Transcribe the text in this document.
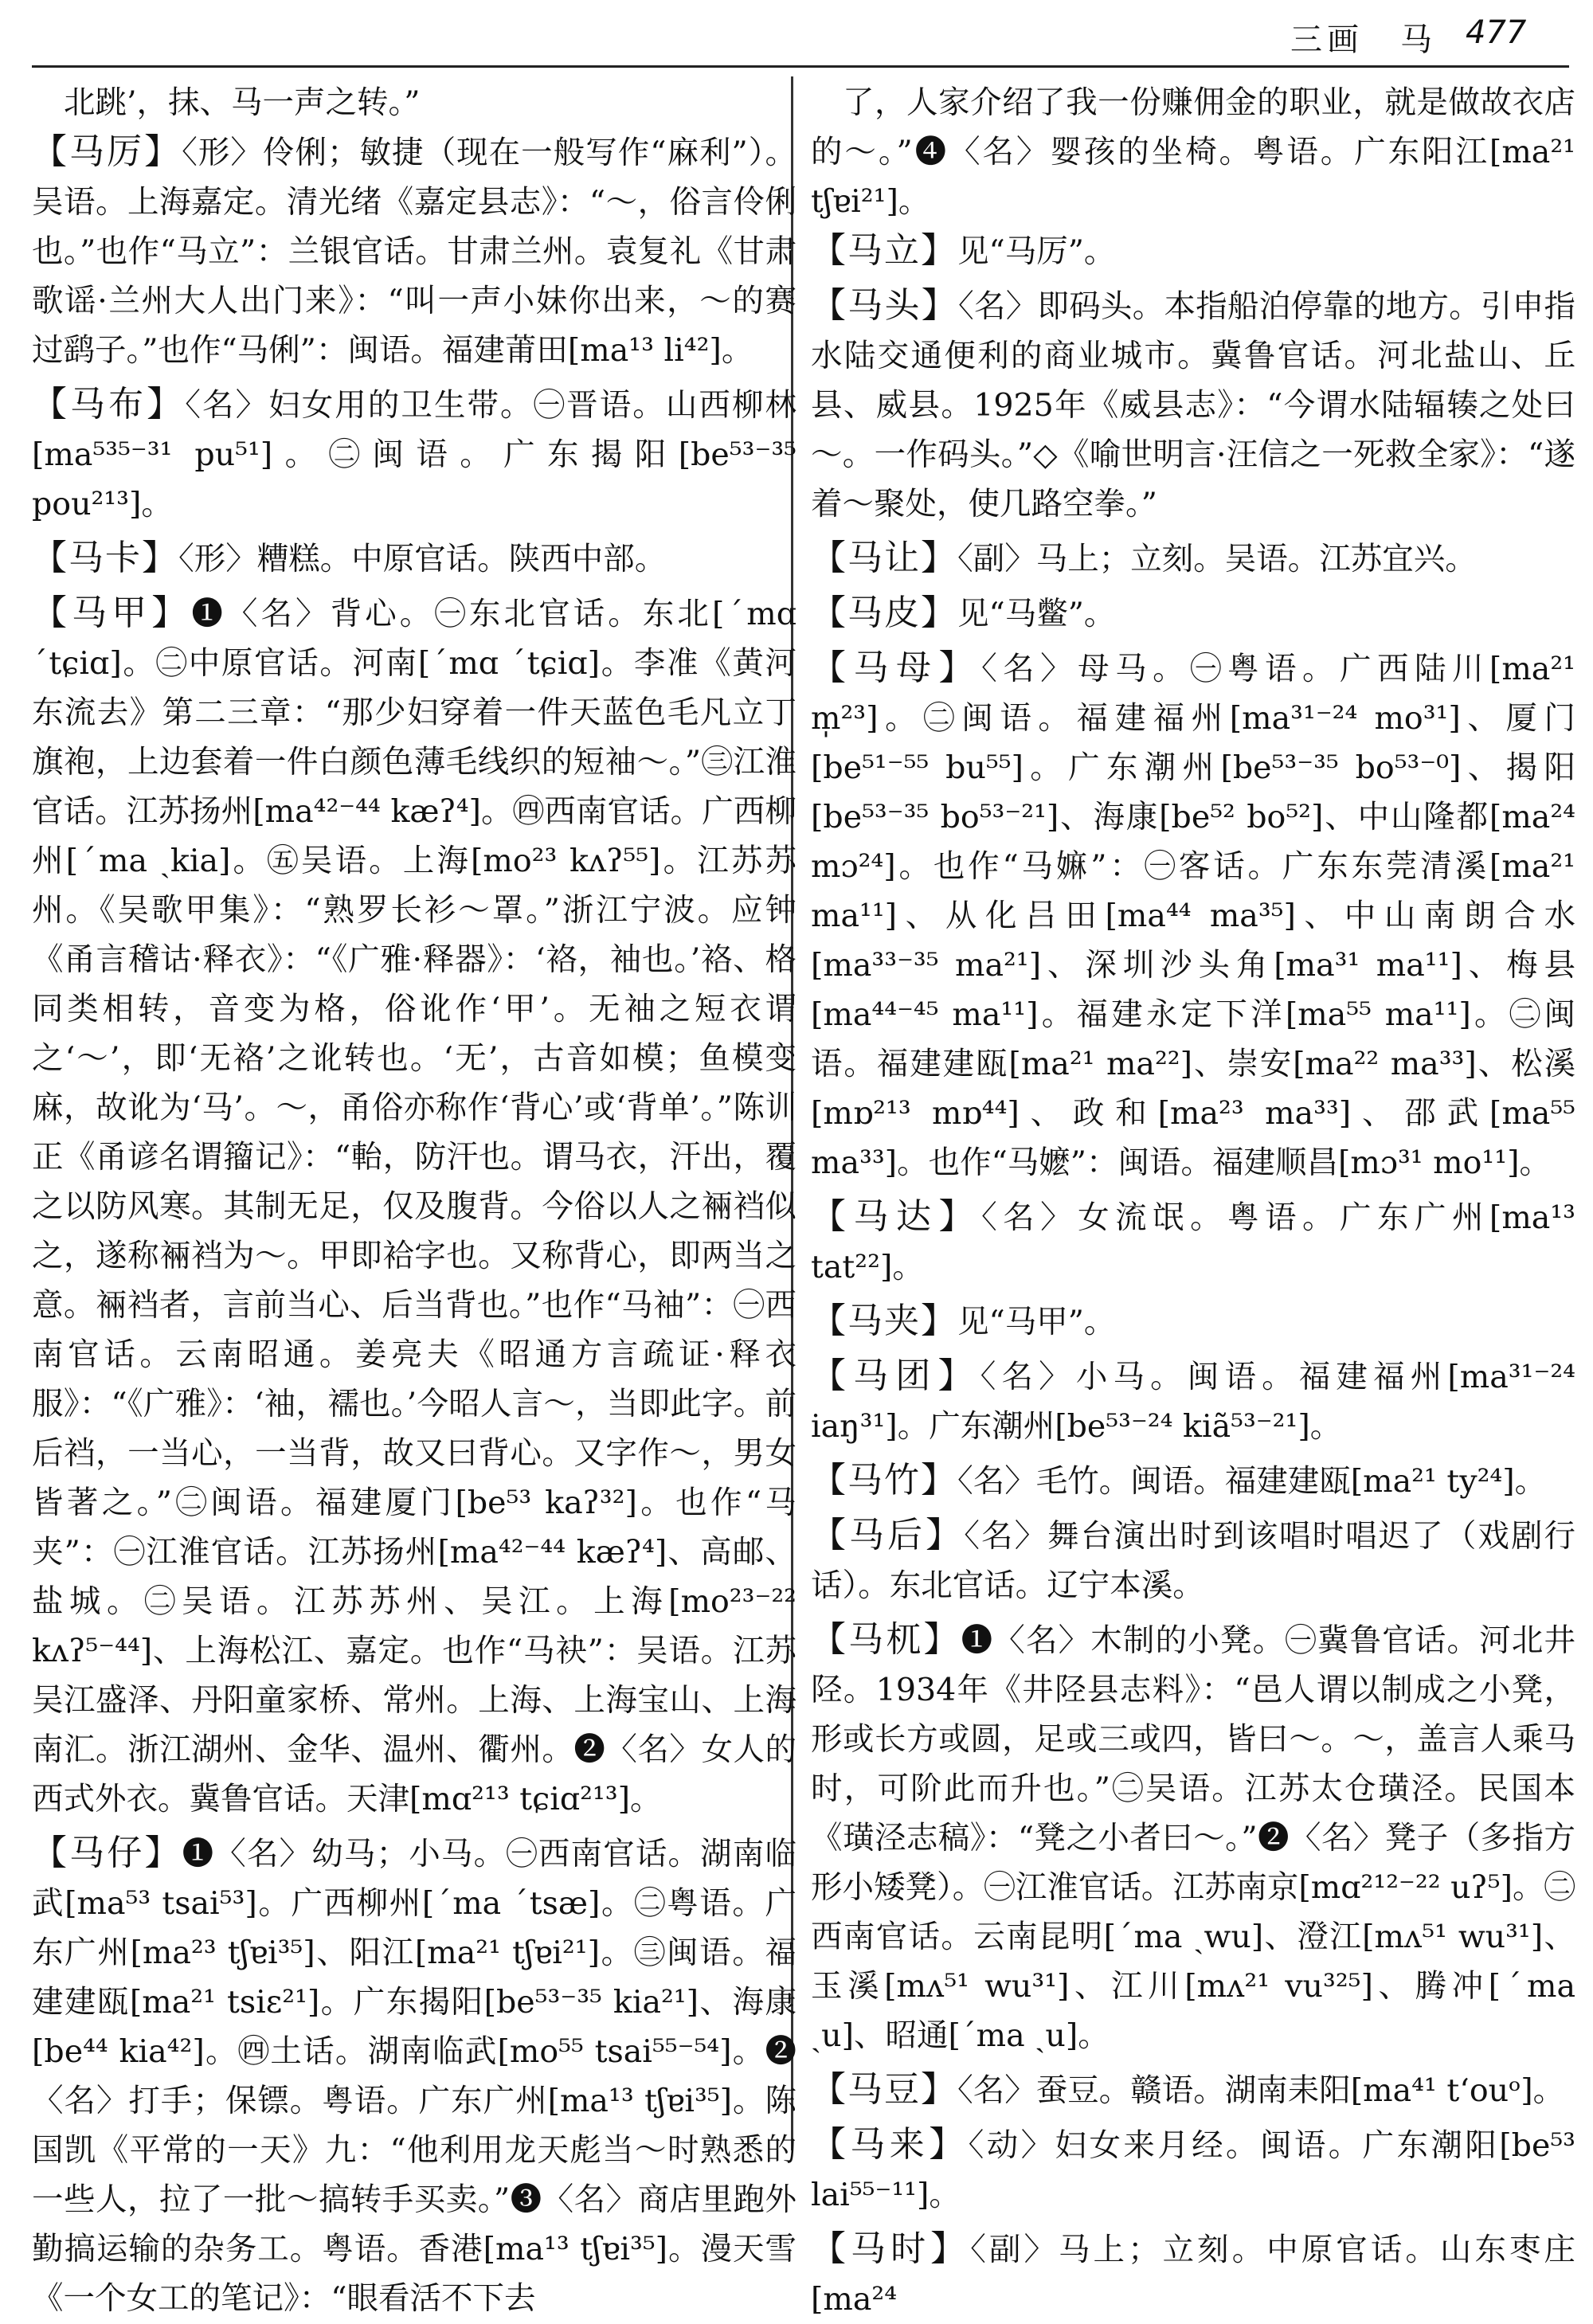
三画　马 477

北跳’，抹、马一声之转。”

【马厉】〈形〉伶俐；敏捷（现在一般写作“麻利”）。吴语。上海嘉定。清光绪《嘉定县志》：“～，俗言伶俐也。”也作“马立”：兰银官话。甘肃兰州。袁复礼《甘肃歌谣·兰州大人出门来》：“叫一声小妹你出来，～的赛过鹞子。”也作“马俐”：闽语。福建莆田[ma¹³ li⁴²]。

【马布】〈名〉妇女用的卫生带。㊀晋语。山西柳林[ma⁵³⁵⁻³¹ pu⁵¹]。㊁闽语。广东揭阳[be⁵³⁻³⁵ pou²¹³]。

【马卡】〈形〉糟糕。中原官话。陕西中部。

【马甲】❶〈名〉背心。㊀东北官话。东北[ˊmɑ ˊtɕiɑ]。㊁中原官话。河南[ˊmɑ ˊtɕiɑ]。李准《黄河东流去》第二三章：“那少妇穿着一件天蓝色毛凡立丁旗袍，上边套着一件白颜色薄毛线织的短袖～。”㊂江淮官话。江苏扬州[ma⁴²⁻⁴⁴ kæʔ⁴]。㊃西南官话。广西柳州[ˊma ˎkia]。㊄吴语。上海[mo²³ kʌʔ⁵⁵]。江苏苏州。《吴歌甲集》：“熟罗长衫～罩。”浙江宁波。应钟《甬言稽诂·释衣》：“《广雅·释器》：‘袼，袖也。’袼、格同类相转，音变为格，俗讹作‘甲’。无袖之短衣谓之‘～’，即‘无袼’之讹转也。‘无’，古音如模；鱼模变麻，故讹为‘马’。～，甬俗亦称作‘背心’或‘背单’。”陈训正《甬谚名谓籀记》：“軩，防汗也。谓马衣，汗出，覆之以防风寒。其制无足，仅及腹背。今俗以人之裲裆似之，遂称裲裆为～。甲即袷字也。又称背心，即两当之意。裲裆者，言前当心、后当背也。”也作“马袖”：㊀西南官话。云南昭通。姜亮夫《昭通方言疏证·释衣服》：“《广雅》：‘袖，襦也。’今昭人言～，当即此字。前后裆，一当心，一当背，故又曰背心。又字作～，男女皆著之。”㊁闽语。福建厦门[be⁵³ kaʔ³²]。也作“马夹”：㊀江淮官话。江苏扬州[ma⁴²⁻⁴⁴ kæʔ⁴]、高邮、盐城。㊁吴语。江苏苏州、吴江。上海[mo²³⁻²² kʌʔ⁵⁻⁴⁴]、上海松江、嘉定。也作“马袂”：吴语。江苏吴江盛泽、丹阳童家桥、常州。上海、上海宝山、上海南汇。浙江湖州、金华、温州、衢州。❷〈名〉女人的西式外衣。冀鲁官话。天津[mɑ²¹³ tɕiɑ²¹³]。

【马仔】❶〈名〉幼马；小马。㊀西南官话。湖南临武[ma⁵³ tsai⁵³]。广西柳州[ˊma ˊtsæ]。㊁粤语。广东广州[ma²³ tʃɐi³⁵]、阳江[ma²¹ tʃɐi²¹]。㊂闽语。福建建瓯[ma²¹ tsiɛ²¹]。广东揭阳[be⁵³⁻³⁵ kia²¹]、海康[be⁴⁴ kia⁴²]。㊃土话。湖南临武[mo⁵⁵ tsai⁵⁵⁻⁵⁴]。❷〈名〉打手；保镖。粤语。广东广州[ma¹³ tʃɐi³⁵]。陈国凯《平常的一天》九：“他利用龙天彪当～时熟悉的一些人，拉了一批～搞转手买卖。”❸〈名〉商店里跑外勤搞运输的杂务工。粤语。香港[ma¹³ tʃɐi³⁵]。漫天雪《一个女工的笔记》：“眼看活不下去

了，人家介绍了我一份赚佣金的职业，就是做故衣店的～。”❹〈名〉婴孩的坐椅。粤语。广东阳江[ma²¹ tʃɐi²¹]。

【马立】见“马厉”。

【马头】〈名〉即码头。本指船泊停靠的地方。引申指水陆交通便利的商业城市。冀鲁官话。河北盐山、丘县、威县。1925年《威县志》：“今谓水陆辐辏之处曰～。一作码头。”◇《喻世明言·汪信之一死救全家》：“遂着～聚处，使几路空拳。”

【马让】〈副〉马上；立刻。吴语。江苏宜兴。

【马皮】见“马鳖”。

【马母】〈名〉母马。㊀粤语。广西陆川[ma²¹ m̩²³]。㊁闽语。福建福州[ma³¹⁻²⁴ mo³¹]、厦门[be⁵¹⁻⁵⁵ bu⁵⁵]。广东潮州[be⁵³⁻³⁵ bo⁵³⁻⁰]、揭阳[be⁵³⁻³⁵ bo⁵³⁻²¹]、海康[be⁵² bo⁵²]、中山隆都[ma²⁴ mɔ²⁴]。也作“马嫲”：㊀客话。广东东莞清溪[ma²¹ ma¹¹]、从化吕田[ma⁴⁴ ma³⁵]、中山南朗合水[ma³³⁻³⁵ ma²¹]、深圳沙头角[ma³¹ ma¹¹]、梅县[ma⁴⁴⁻⁴⁵ ma¹¹]。福建永定下洋[ma⁵⁵ ma¹¹]。㊁闽语。福建建瓯[ma²¹ ma²²]、崇安[ma²² ma³³]、松溪[mɒ²¹³ mɒ⁴⁴]、政和[ma²³ ma³³]、邵武[ma⁵⁵ ma³³]。也作“马嬷”：闽语。福建顺昌[mɔ³¹ mo¹¹]。

【马达】〈名〉女流氓。粤语。广东广州[ma¹³ tat²²]。

【马夹】见“马甲”。

【马团】〈名〉小马。闽语。福建福州[ma³¹⁻²⁴ iaŋ³¹]。广东潮州[be⁵³⁻²⁴ kiã⁵³⁻²¹]。

【马竹】〈名〉毛竹。闽语。福建建瓯[ma²¹ ty²⁴]。

【马后】〈名〉舞台演出时到该唱时唱迟了（戏剧行话）。东北官话。辽宁本溪。

【马杌】❶〈名〉木制的小凳。㊀冀鲁官话。河北井陉。1934年《井陉县志料》：“邑人谓以制成之小凳，形或长方或圆，足或三或四，皆曰～。～，盖言人乘马时，可阶此而升也。”㊁吴语。江苏太仓璜泾。民国本《璜泾志稿》：“凳之小者曰～。”❷〈名〉凳子（多指方形小矮凳）。㊀江淮官话。江苏南京[mɑ²¹²⁻²² uʔ⁵]。㊁西南官话。云南昆明[ˊma ˎwu]、澄江[mʌ⁵¹ wu³¹]、玉溪[mʌ⁵¹ wu³¹]、江川[mʌ²¹ vu³²⁵]、腾冲[ˊma ˎu]、昭通[ˊma ˎu]。

【马豆】〈名〉蚕豆。赣语。湖南耒阳[ma⁴¹ tʻouᵒ]。

【马来】〈动〉妇女来月经。闽语。广东潮阳[be⁵³ lai⁵⁵⁻¹¹]。

【马时】〈副〉马上；立刻。中原官话。山东枣庄[ma²⁴
